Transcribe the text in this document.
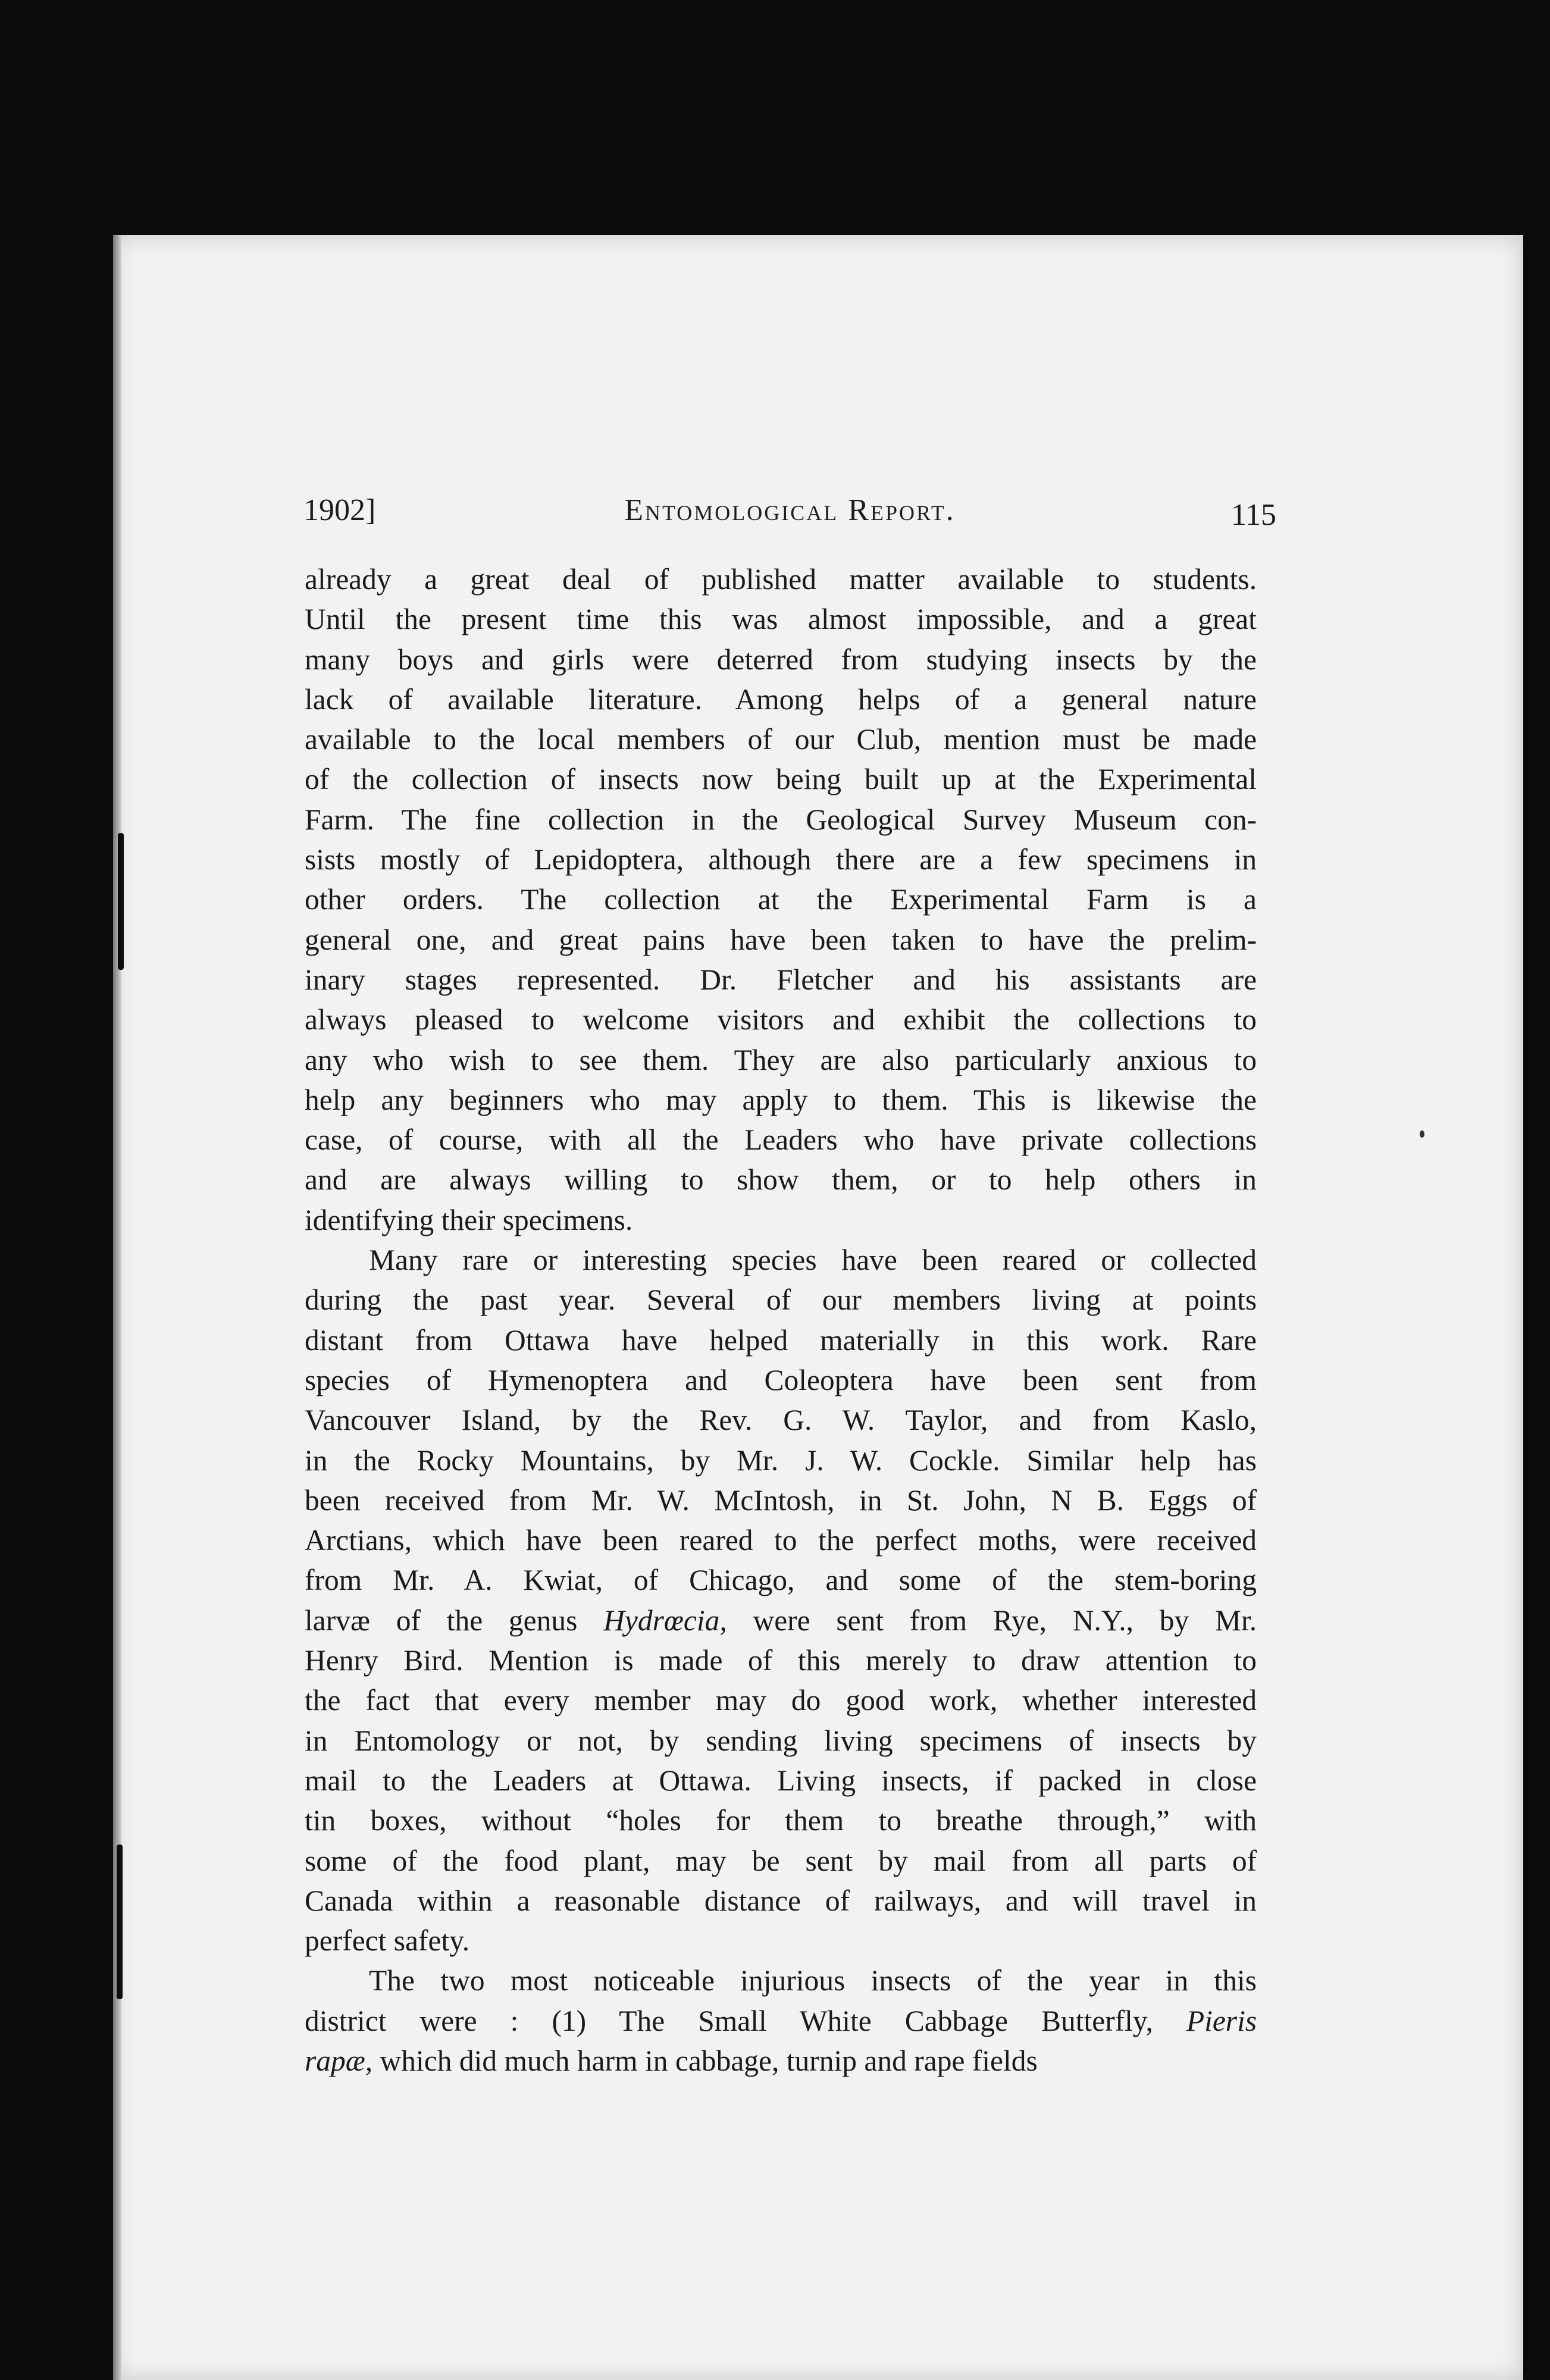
1902]	Entomological Report.	115

already a great deal of published matter available to students.
Until the present time this was almost impossible, and a great
many boys and girls were deterred from studying insects by the
lack of available literature. Among helps of a general nature
available to the local members of our Club, mention must be made
of the collection of insects now being built up at the Experimental
Farm. The fine collection in the Geological Survey Museum con-
sists mostly of Lepidoptera, although there are a few specimens in
other orders. The collection at the Experimental Farm is a
general one, and great pains have been taken to have the prelim-
inary stages represented. Dr. Fletcher and his assistants are
always pleased to welcome visitors and exhibit the collections to
any who wish to see them. They are also particularly anxious to
help any beginners who may apply to them. This is likewise the
case, of course, with all the Leaders who have private collections
and are always willing to show them, or to help others in
identifying their specimens.

Many rare or interesting species have been reared or collected
during the past year. Several of our members living at points
distant from Ottawa have helped materially in this work. Rare
species of Hymenoptera and Coleoptera have been sent from
Vancouver Island, by the Rev. G. W. Taylor, and from Kaslo,
in the Rocky Mountains, by Mr. J. W. Cockle. Similar help has
been received from Mr. W. McIntosh, in St. John, N B. Eggs of
Arctians, which have been reared to the perfect moths, were received
from Mr. A. Kwiat, of Chicago, and some of the stem-boring
larvæ of the genus Hydrœcia, were sent from Rye, N.Y., by Mr.
Henry Bird. Mention is made of this merely to draw attention to
the fact that every member may do good work, whether interested
in Entomology or not, by sending living specimens of insects by
mail to the Leaders at Ottawa. Living insects, if packed in close
tin boxes, without “holes for them to breathe through,” with
some of the food plant, may be sent by mail from all parts of
Canada within a reasonable distance of railways, and will travel in
perfect safety.

The two most noticeable injurious insects of the year in this
district were : (1) The Small White Cabbage Butterfly, Pieris
rapæ, which did much harm in cabbage, turnip and rape fields
